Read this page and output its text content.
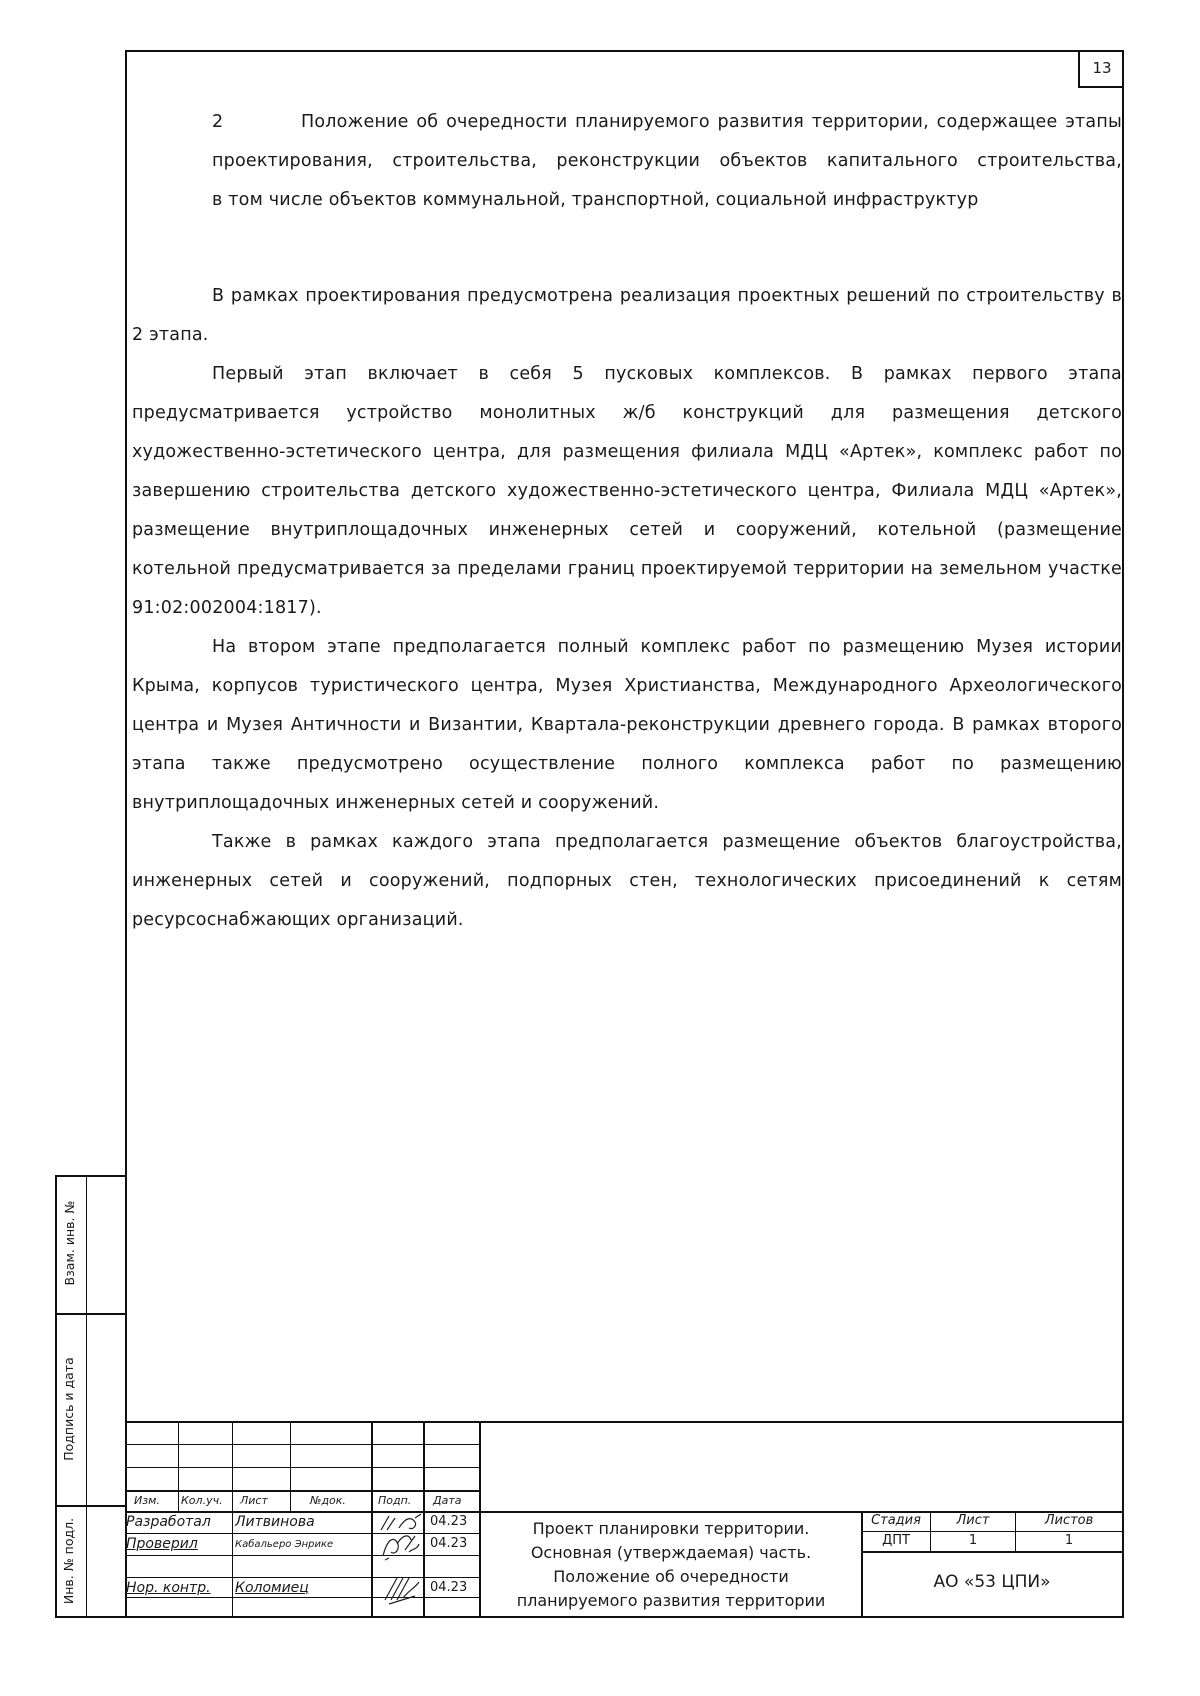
13

2	Положение об очередности планируемого развития территории, содержащее этапы

проектирования, строительства, реконструкции объектов капитального строительства,

в том числе объектов коммунальной, транспортной, социальной инфраструктур

В рамках проектирования предусмотрена реализация проектных решений по строительству в 2 этапа.

Первый этап включает в себя 5 пусковых комплексов. В рамках первого этапа предусматривается устройство монолитных ж/б конструкций для размещения детского художественно-эстетического центра, для размещения филиала МДЦ «Артек», комплекс работ по завершению строительства детского художественно-эстетического центра, Филиала МДЦ «Артек», размещение внутриплощадочных инженерных сетей и сооружений, котельной (размещение котельной предусматривается за пределами границ проектируемой территории на земельном участке 91:02:002004:1817).

На втором этапе предполагается полный комплекс работ по размещению Музея истории Крыма, корпусов туристического центра, Музея Христианства, Международного Археологического центра и Музея Античности и Византии, Квартала-реконструкции древнего города. В рамках второго этапа также предусмотрено осуществление полного комплекса работ по размещению внутриплощадочных инженерных сетей и сооружений.

Также в рамках каждого этапа предполагается размещение объектов благоустройства, инженерных сетей и сооружений, подпорных стен, технологических присоединений к сетям ресурсоснабжающих организаций.

Взам. инв. №
Подпись и дата
Инв. № подл.
Изм. Кол.уч. Лист	№док.	Подп. Дата
Разработал Литвинова	04.23
Проверил	Кабальеро Энрике	04.23
Нор. контр. Коломиец	04.23
Проект планировки территории.
Основная (утверждаемая) часть.
Положение об очередности
планируемого развития территории
Стадия	Лист	Листов
ДПТ	1	1
АО «53 ЦПИ»
